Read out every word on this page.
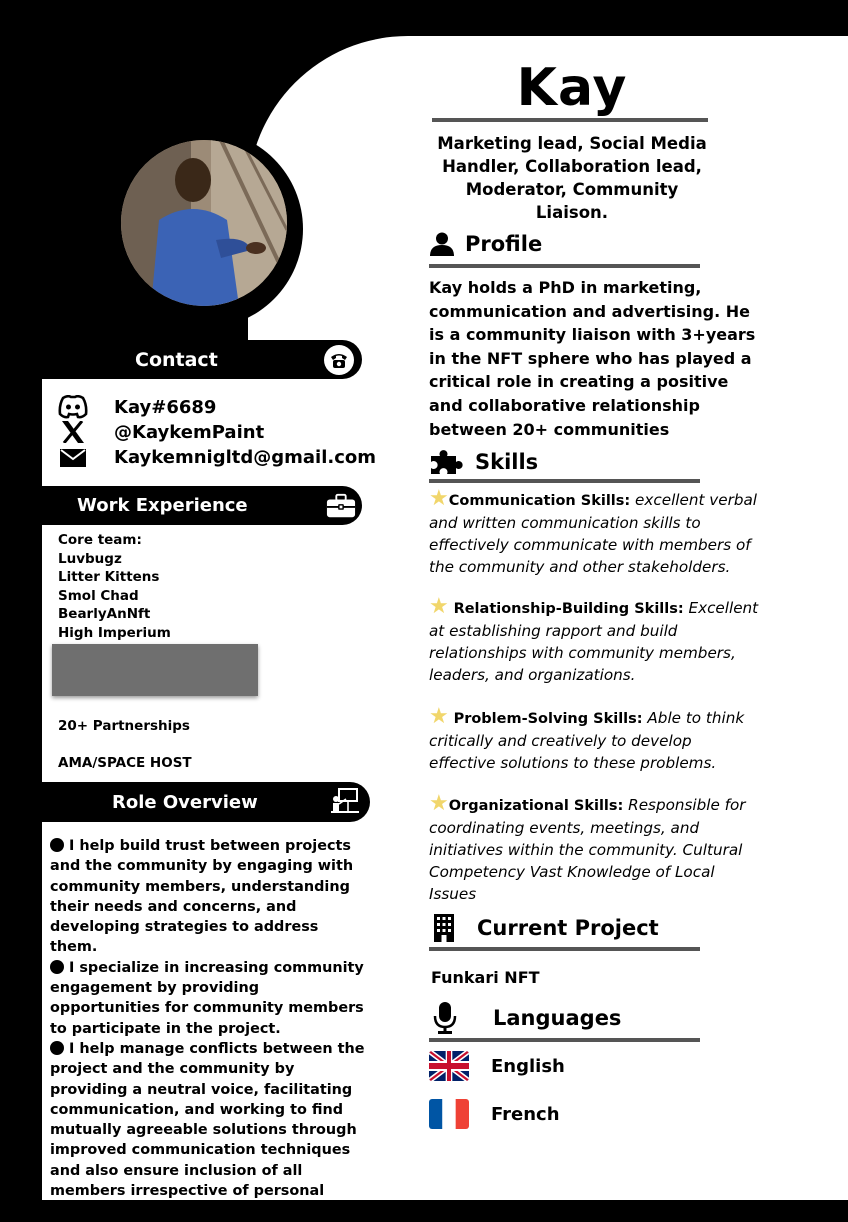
Kay
Marketing lead, Social Media
Handler, Collaboration lead,
Moderator, Community
Liaison.
Profile
Kay holds a PhD in marketing, communication and advertising. He is a community liaison with 3+years in the NFT sphere who has played a critical role in creating a positive and collaborative relationship between 20+ communities
Skills
★Communication Skills: excellent verbal and written communication skills to effectively communicate with members of the community and other stakeholders.
★ Relationship-Building Skills: Excellent at establishing rapport and build relationships with community members, leaders, and organizations.
★ Problem-Solving Skills: Able to think critically and creatively to develop effective solutions to these problems.
★Organizational Skills: Responsible for coordinating events, meetings, and initiatives within the community. Cultural Competency Vast Knowledge of Local Issues
Current Project
Funkari NFT
Languages
English
French
Contact
Kay#6689
@KaykemPaint
Kaykemnigltd@gmail.com
Work Experience
Core team:
Luvbugz
Litter Kittens
Smol Chad
BearlyAnNft
High Imperium
20+ Partnerships
AMA/SPACE HOST
Role Overview

I help build trust between projects and the community by engaging with community members, understanding their needs and concerns, and developing strategies to address them.

I specialize in increasing community engagement by providing opportunities for community members to participate in the project.

I help manage conflicts between the project and the community by providing a neutral voice, facilitating communication, and working to find mutually agreeable solutions through improved communication techniques and also ensure inclusion of all members irrespective of personal factors.
